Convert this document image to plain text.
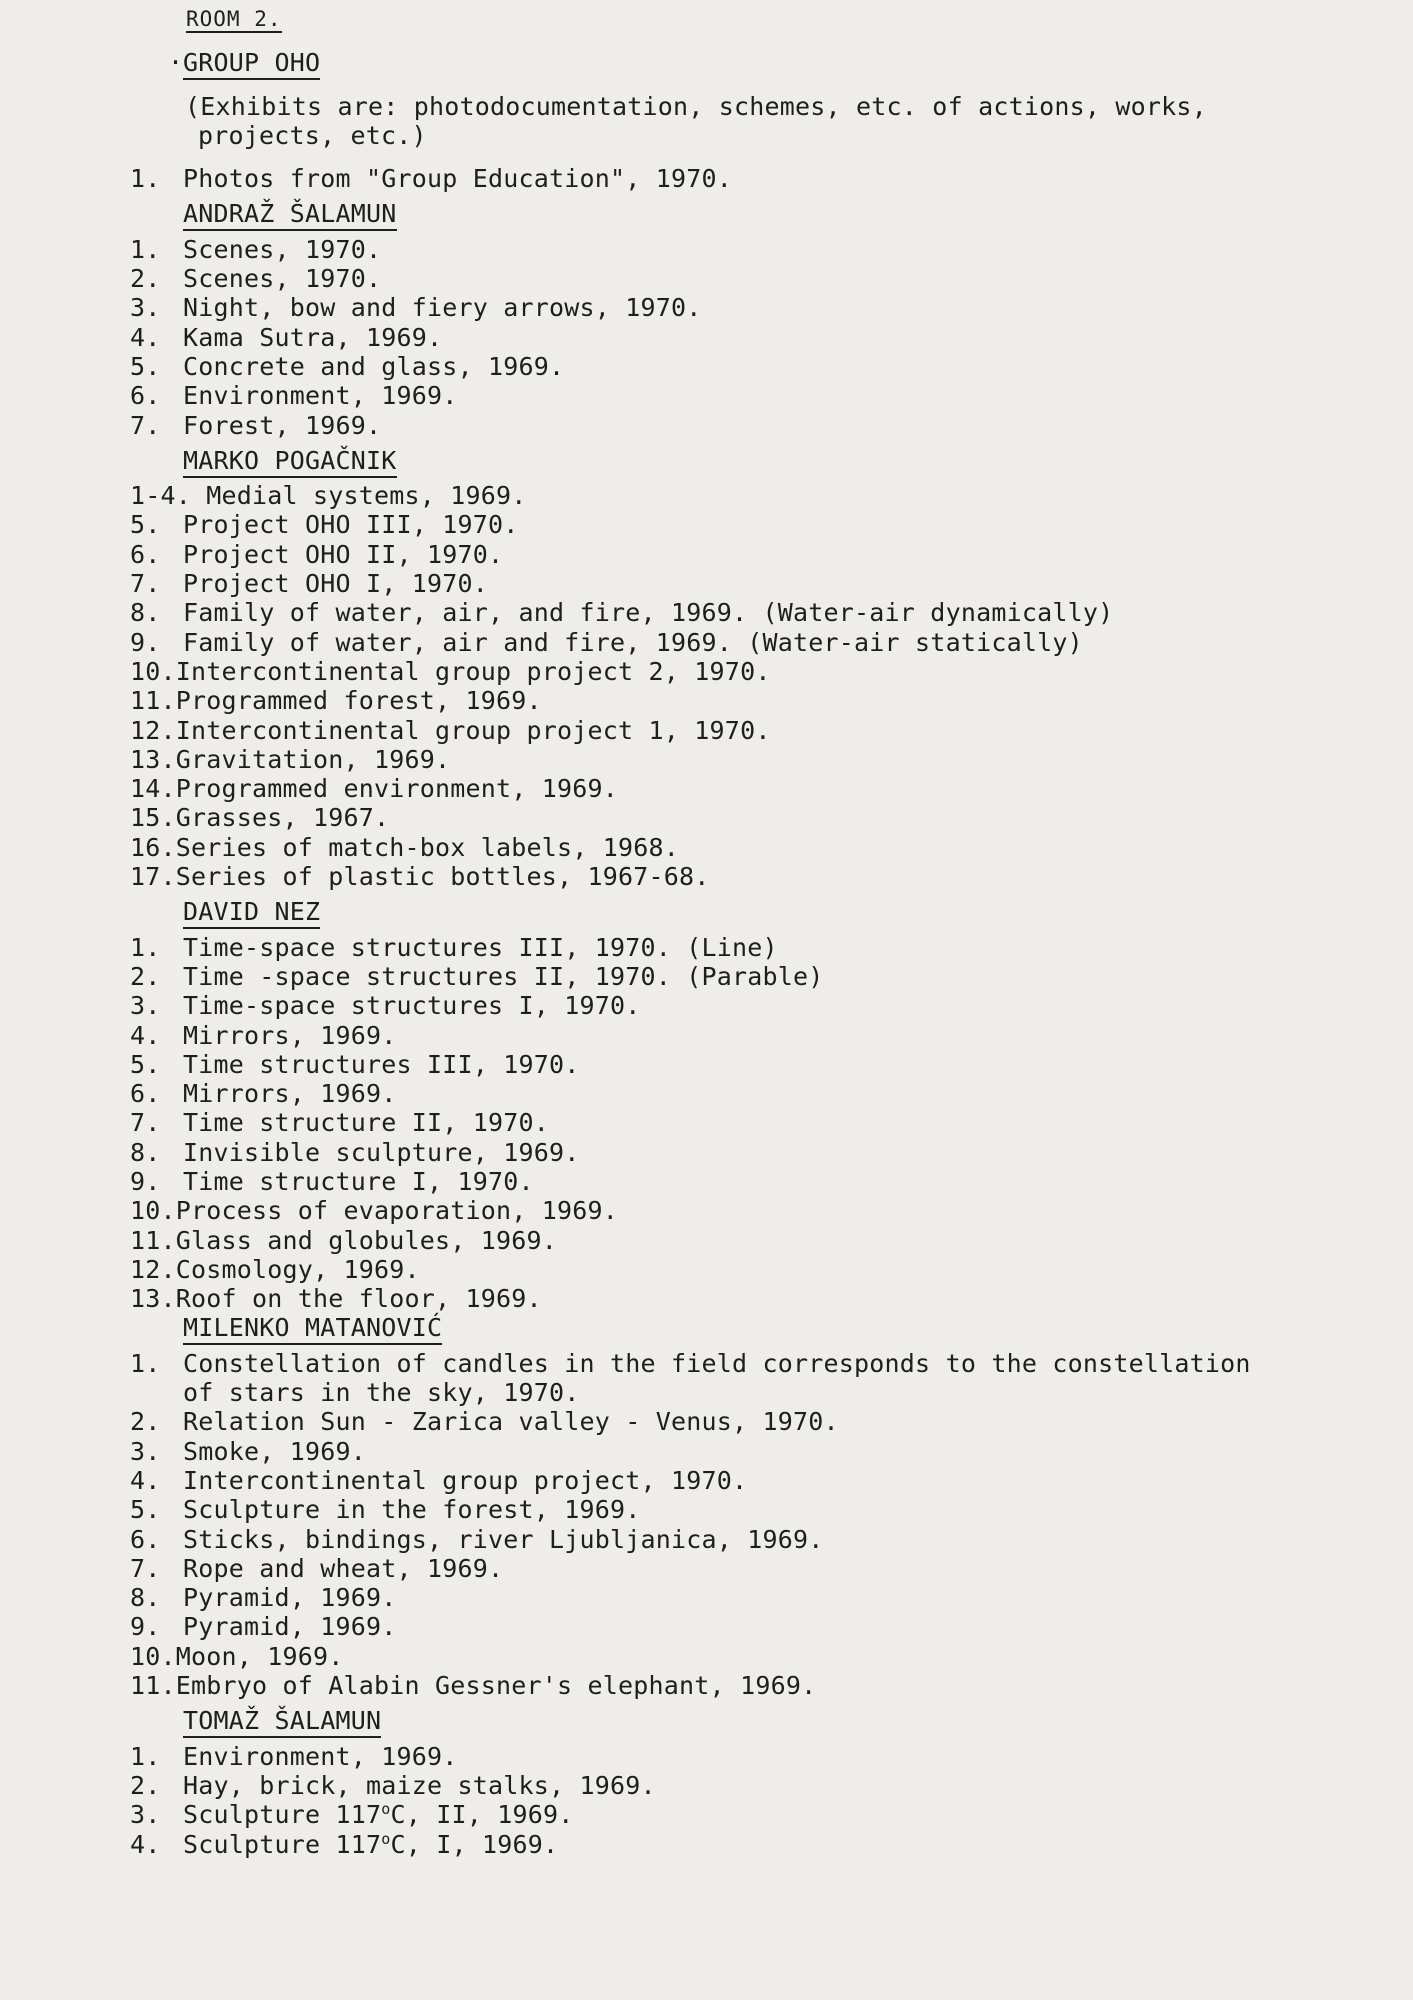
ROOM 2.
· GROUP OHO
(Exhibits are: photodocumentation, schemes, etc. of actions, works,
projects, etc.)
1. Photos from "Group Education", 1970.
ANDRAŽ ŠALAMUN
1. Scenes, 1970.
2. Scenes, 1970.
3. Night, bow and fiery arrows, 1970.
4. Kama Sutra, 1969.
5. Concrete and glass, 1969.
6. Environment, 1969.
7. Forest, 1969.
MARKO POGAČNIK
1-4. Medial systems, 1969.
5. Project OHO III, 1970.
6. Project OHO II, 1970.
7. Project OHO I, 1970.
8. Family of water, air, and fire, 1969. (Water-air dynamically)
9. Family of water, air and fire, 1969. (Water-air statically)
10.Intercontinental group project 2, 1970.
11.Programmed forest, 1969.
12.Intercontinental group project 1, 1970.
13.Gravitation, 1969.
14.Programmed environment, 1969.
15.Grasses, 1967.
16.Series of match-box labels, 1968.
17.Series of plastic bottles, 1967-68.
DAVID NEZ
1. Time-space structures III, 1970. (Line)
2. Time -space structures II, 1970. (Parable)
3. Time-space structures I, 1970.
4. Mirrors, 1969.
5. Time structures III, 1970.
6. Mirrors, 1969.
7. Time structure II, 1970.
8. Invisible sculpture, 1969.
9. Time structure I, 1970.
10.Process of evaporation, 1969.
11.Glass and globules, 1969.
12.Cosmology, 1969.
13.Roof on the floor, 1969.
MILENKO MATANOVIĆ
1. Constellation of candles in the field corresponds to the constellation
of stars in the sky, 1970.
2. Relation Sun - Zarica valley - Venus, 1970.
3. Smoke, 1969.
4. Intercontinental group project, 1970.
5. Sculpture in the forest, 1969.
6. Sticks, bindings, river Ljubljanica, 1969.
7. Rope and wheat, 1969.
8. Pyramid, 1969.
9. Pyramid, 1969.
10.Moon, 1969.
11.Embryo of Alabin Gessner's elephant, 1969.
TOMAŽ ŠALAMUN
1. Environment, 1969.
2. Hay, brick, maize stalks, 1969.
3. Sculpture 117$^o$C, II, 1969.
4. Sculpture 117$^o$C, I, 1969.
